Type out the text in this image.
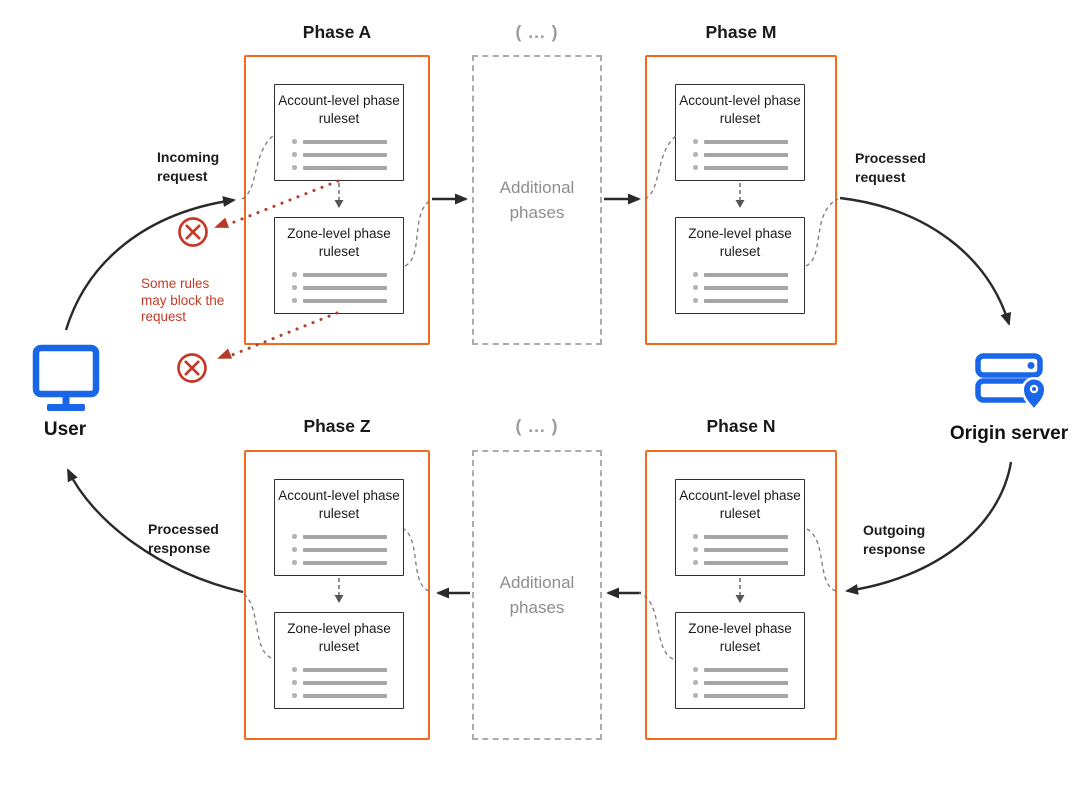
Phase A	( ... )	Phase M
Phase Z	( ... )	Phase N
Additional phases
Additional phases
Account-level phase ruleset
Zone-level phase ruleset
Account-level phase ruleset
Zone-level phase ruleset
Account-level phase ruleset
Zone-level phase ruleset
Account-level phase ruleset
Zone-level phase ruleset
Incoming request
Processed request
Outgoing response
Processed response
Some rules may block the request
User	Origin server
